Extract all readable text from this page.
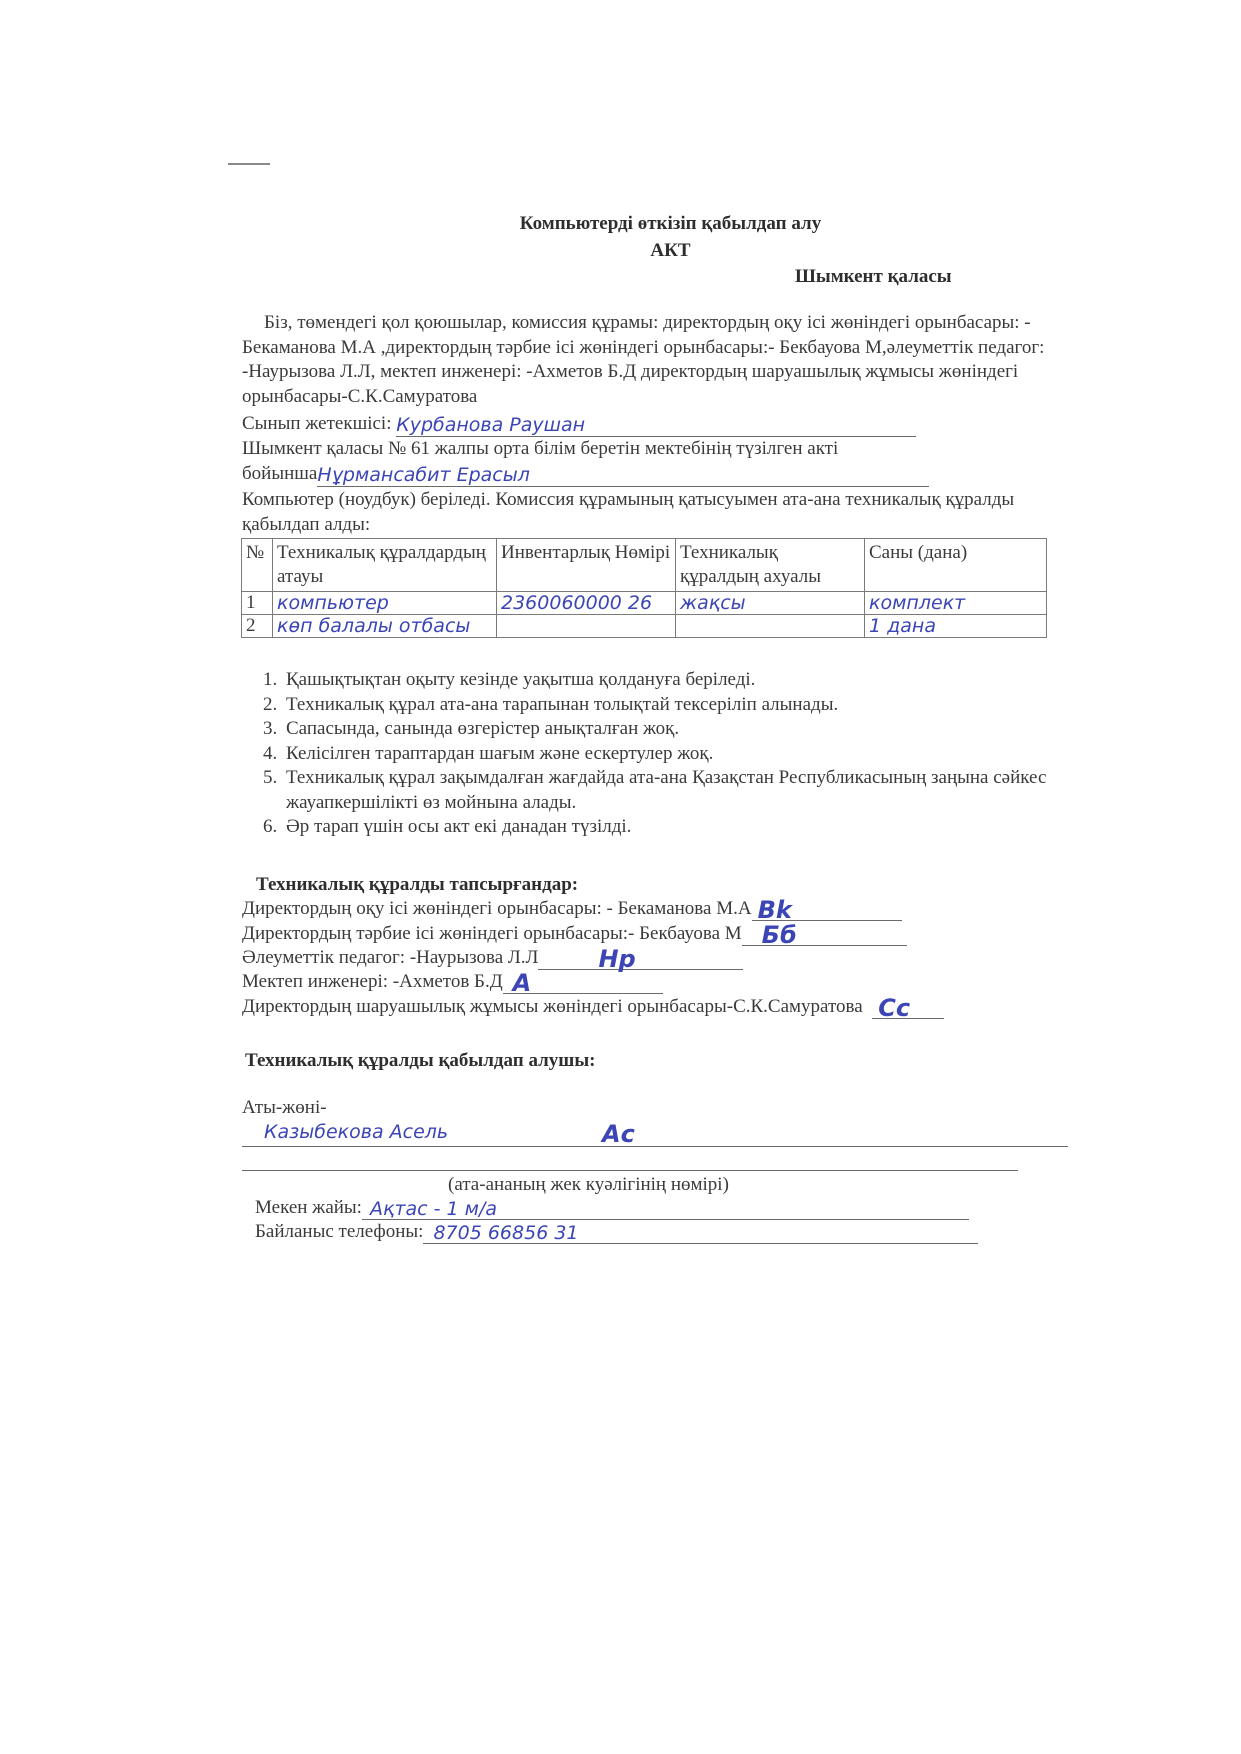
Компьютерді өткізіп қабылдап алу
АКТ
Шымкент қаласы
Біз, төмендегі қол қоюшылар, комиссия құрамы: директордың оқу ісі жөніндегі орынбасары: - Бекаманова М.А ,директордың тәрбие ісі жөніндегі орынбасары:- Бекбауова М,әлеуметтік педагог: -Наурызова Л.Л, мектеп инженері: -Ахметов Б.Д директордың шаруашылық жұмысы жөніндегі орынбасары-С.К.Самуратова
Сынып жетекшісі: Курбанова Раушан
Шымкент қаласы № 61 жалпы орта білім беретін мектебінің түзілген акті
бойыншаНұрмансабит Ерасыл
Компьютер (ноудбук) беріледі. Комиссия құрамының қатысуымен ата-ана техникалық құралды қабылдап алды:
№	Техникалық құралдардың атауы	Инвентарлық Нөмірі	Техникалық құралдың ахуалы	Саны (дана)
1	компьютер	2360060000 26	жақсы	комплект
2	көп балалы отбасы			1 дана
1. Қашықтықтан оқыту кезінде уақытша қолдануға беріледі.
2. Техникалық құрал ата-ана тарапынан толықтай тексеріліп алынады.
3. Сапасында, санында өзгерістер анықталған жоқ.
4. Келісілген тараптардан шағым және ескертулер жоқ.
5. Техникалық құрал зақымдалған жағдайда ата-ана Қазақстан Республикасының заңына сәйкес жауапкершілікті өз мойнына алады.
6. Әр тарап үшін осы акт екі данадан түзілді.
Техникалық құралды тапсырғандар:
Директордың оқу ісі жөніндегі орынбасары: - Бекаманова М.А Bk
Директордың тәрбие ісі жөніндегі орынбасары:- Бекбауова М Бб
Әлеуметтік педагог: -Наурызова Л.Л	Нр
Мектеп инженері: -Ахметов Б.Д А
Директордың шаруашылық жұмысы жөніндегі орынбасары-С.К.Самуратова Сс
Техникалық құралды қабылдап алушы:
Аты-жөні-
Казыбекова Асель	Ас
(ата-ананың жек куәлігінің нөмірі)
Мекен жайы: Ақтас - 1 м/а
Байланыс телефоны: 8705 66856 31
